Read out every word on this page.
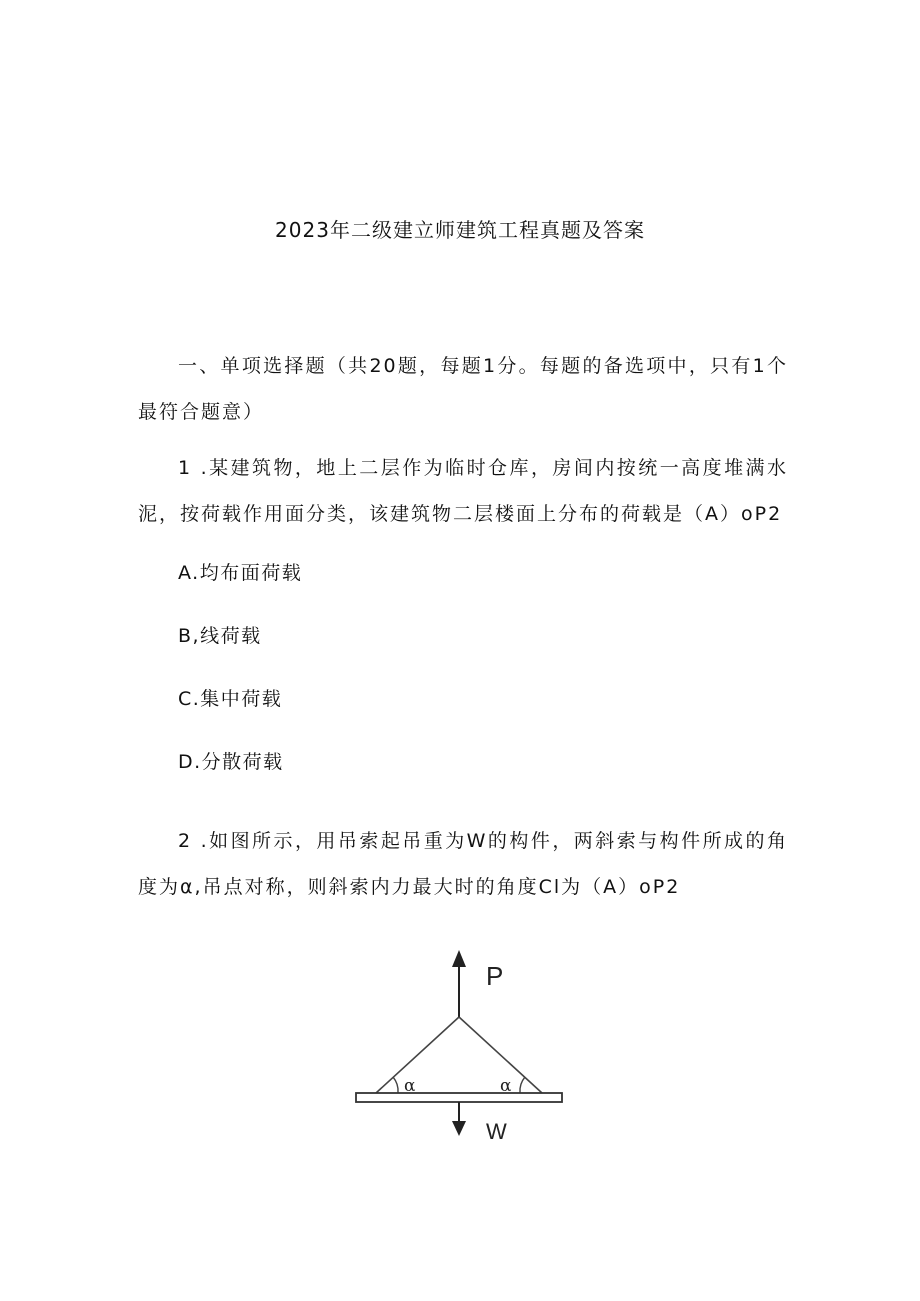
2023年二级建立师建筑工程真题及答案
一、单项选择题（共20题，每题1分。每题的备选项中，只有1个最符合题意）
1 .某建筑物，地上二层作为临时仓库，房间内按统一高度堆满水泥，按荷载作用面分类，该建筑物二层楼面上分布的荷载是（A）oP2
A.均布面荷载
B,线荷载
C.集中荷载
D.分散荷载
2 .如图所示，用吊索起吊重为W的构件，两斜索与构件所成的角度为α,吊点对称，则斜索内力最大时的角度Cl为（A）oP2
P
W
α	α
